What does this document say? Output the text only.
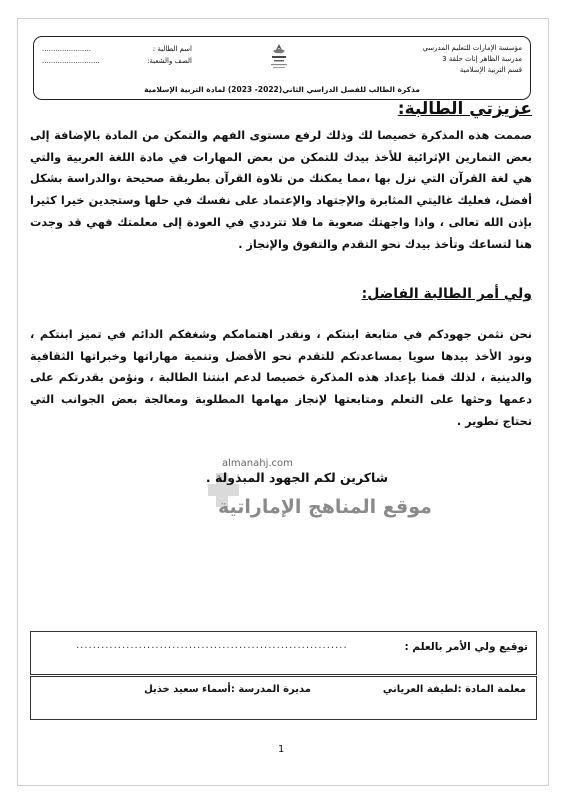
مؤسسة الإمارات للتعليم المدرسي
مدرسة الظاهر إناث حلقة 3
قسم التربية الإسلامية
اسم الطالبة :
......................
الصف والشعبة:
..........................
مذكرة الطالب للفصل الدراسي الثاني(2022- 2023) لمادة التربية الإسلامية
عزيزتي الطالبة:
صممت هذه المذكرة خصيصا لك وذلك لرفع مستوى الفهم والتمكن من المادة بالإضافة إلى بعض التمارين الإثرائية للأخذ بيدك للتمكن من بعض المهارات في مادة اللغة العربية والتي هي لغة القرآن التي نزل بها ،مما يمكنك من تلاوة القرآن بطريقة صحيحة ،والدراسة بشكل أفضل، فعليك غاليتي المثابرة والإجتهاد والإعتماد على نفسك في حلها وستجدين خيرا كثيرا بإذن الله تعالى ، واذا واجهتك صعوبة ما فلا تترددي في العودة إلى معلمتك فهي قد وجدت هنا لتساعك وتأخذ بيدك نحو التقدم والتفوق والإنجاز .
ولي أمر الطالبة الفاضل:
نحن نثمن جهودكم في متابعة ابنتكم ، ونقدر اهتمامكم وشغفكم الدائم في تميز ابنتكم ، ونود الأخذ بيدها سويا بمساعدتكم للتقدم نحو الأفضل وتنمية مهاراتها وخبراتها الثقافية والدينية ، لذلك قمنا بإعداد هذه المذكرة خصيصا لدعم ابنتنا الطالبة ، ونؤمن بقدرتكم على دعمها وحثها على التعلم ومتابعتها لإنجاز مهامها المطلوبة ومعالجة بعض الجوانب التي تحتاج تطوير .
almanahj.com
موقع المناهج الإماراتية
شاكرين لكم الجهود المبذولة .
توقيع ولي الأمر بالعلم :
.................................................................
معلمة المادة :لطيفة العرياني
مديرة المدرسة :أسماء سعيد خذيل
1
